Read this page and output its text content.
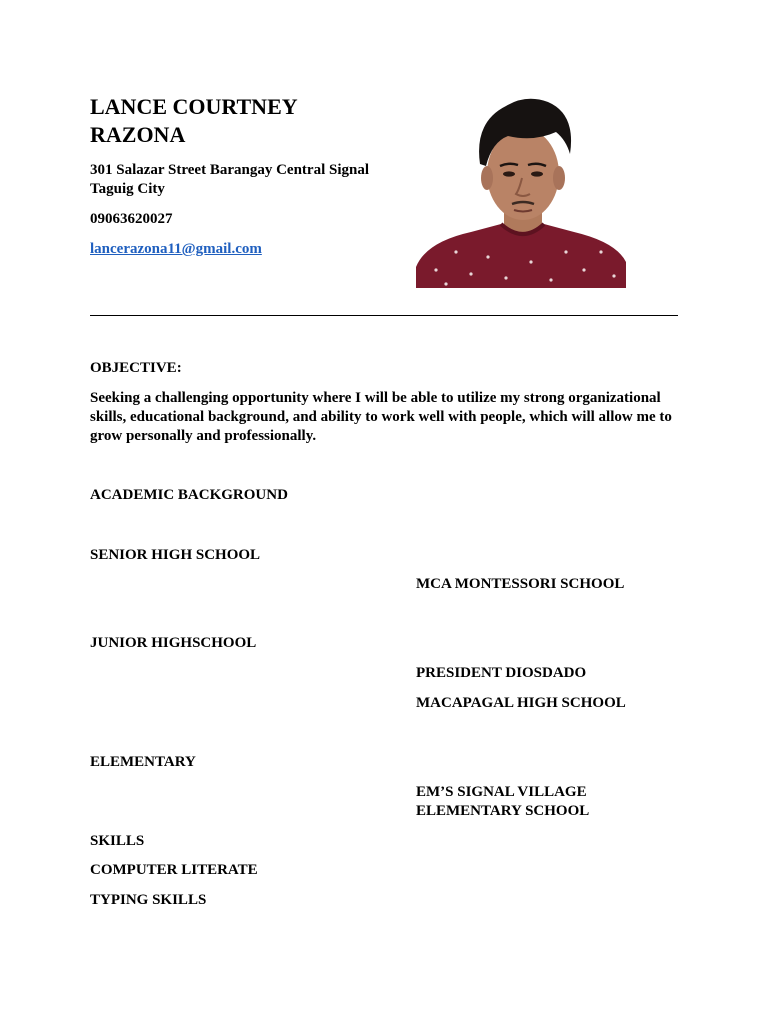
LANCE COURTNEY
RAZONA
301 Salazar Street Barangay Central Signal
Taguig City
09063620027
lancerazona11@gmail.com
OBJECTIVE:
Seeking a challenging opportunity where I will be able to utilize my strong organizational
skills, educational background, and ability to work well with people, which will allow me to
grow personally and professionally.
ACADEMIC BACKGROUND
SENIOR HIGH SCHOOL
MCA MONTESSORI SCHOOL
JUNIOR HIGHSCHOOL
PRESIDENT DIOSDADO
MACAPAGAL HIGH SCHOOL
ELEMENTARY
EM’S SIGNAL VILLAGE
ELEMENTARY SCHOOL
SKILLS
COMPUTER LITERATE
TYPING SKILLS
